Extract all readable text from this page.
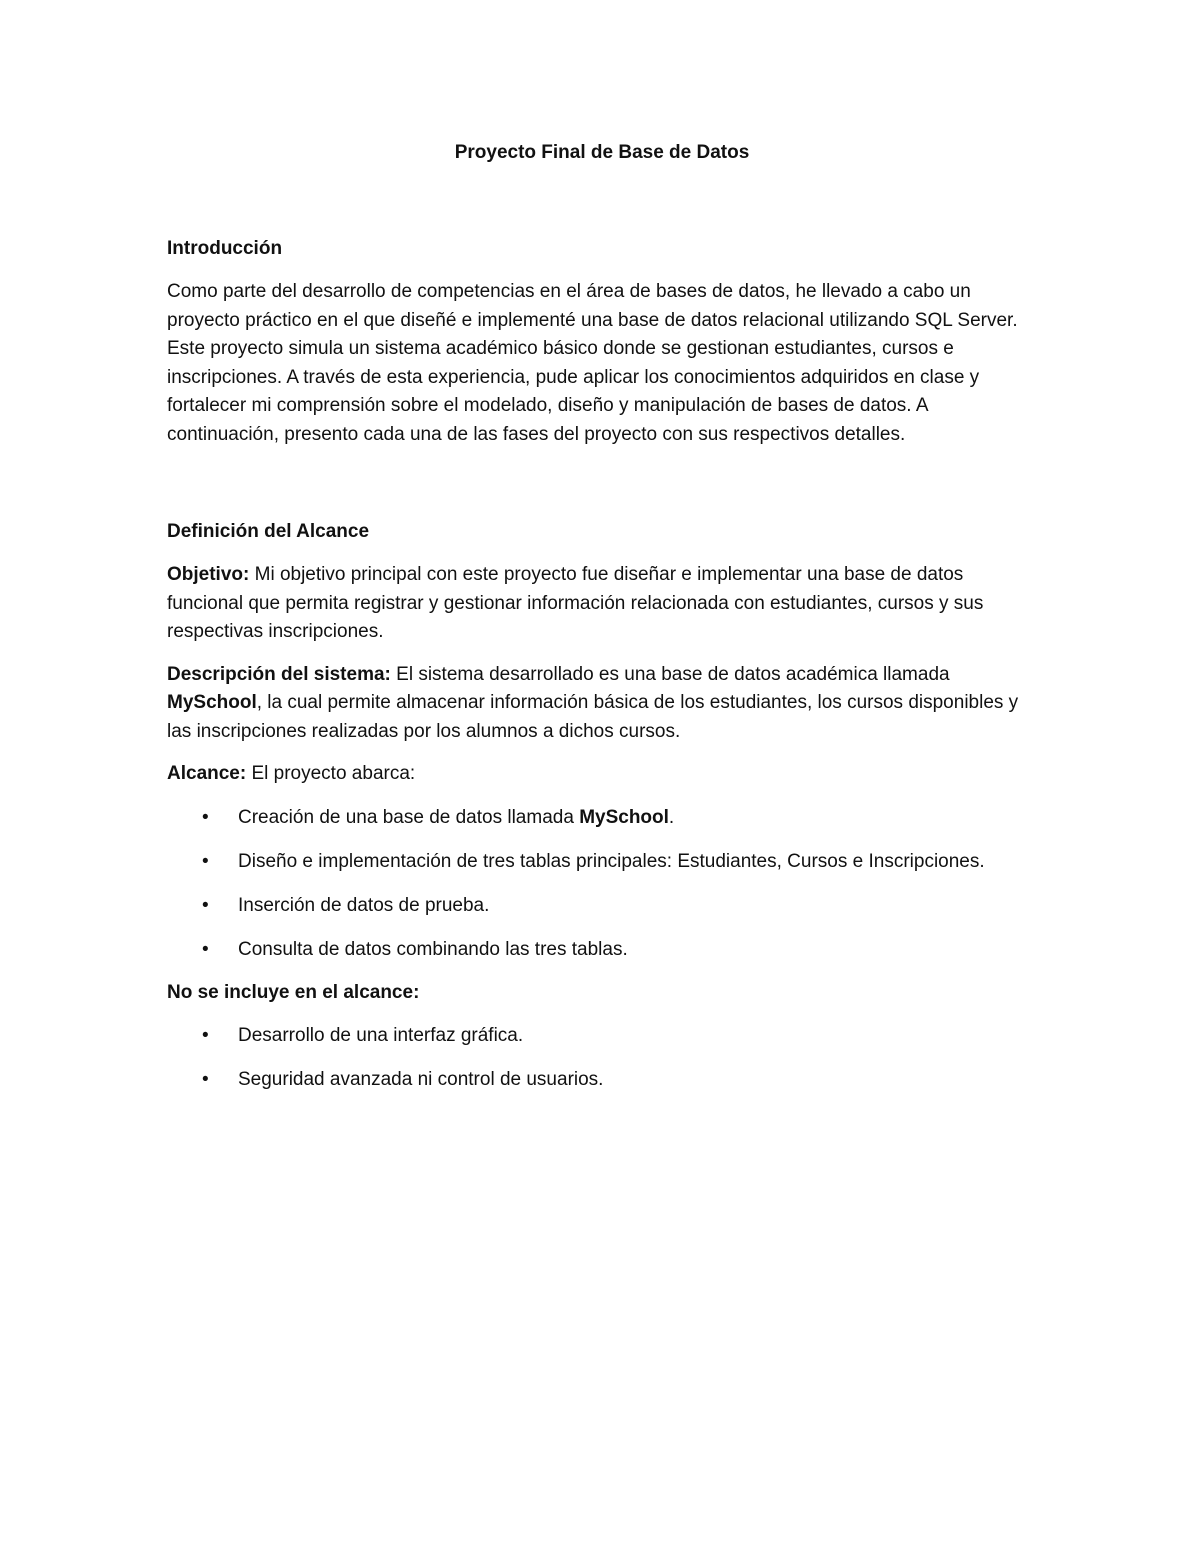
Proyecto Final de Base de Datos
Introducción
Como parte del desarrollo de competencias en el área de bases de datos, he llevado a cabo un proyecto práctico en el que diseñé e implementé una base de datos relacional utilizando SQL Server. Este proyecto simula un sistema académico básico donde se gestionan estudiantes, cursos e inscripciones. A través de esta experiencia, pude aplicar los conocimientos adquiridos en clase y fortalecer mi comprensión sobre el modelado, diseño y manipulación de bases de datos. A continuación, presento cada una de las fases del proyecto con sus respectivos detalles.
Definición del Alcance
Objetivo: Mi objetivo principal con este proyecto fue diseñar e implementar una base de datos funcional que permita registrar y gestionar información relacionada con estudiantes, cursos y sus respectivas inscripciones.
Descripción del sistema: El sistema desarrollado es una base de datos académica llamada MySchool, la cual permite almacenar información básica de los estudiantes, los cursos disponibles y las inscripciones realizadas por los alumnos a dichos cursos.
Alcance: El proyecto abarca:
• Creación de una base de datos llamada MySchool.
• Diseño e implementación de tres tablas principales: Estudiantes, Cursos e Inscripciones.
• Inserción de datos de prueba.
• Consulta de datos combinando las tres tablas.
No se incluye en el alcance:
• Desarrollo de una interfaz gráfica.
• Seguridad avanzada ni control de usuarios.
